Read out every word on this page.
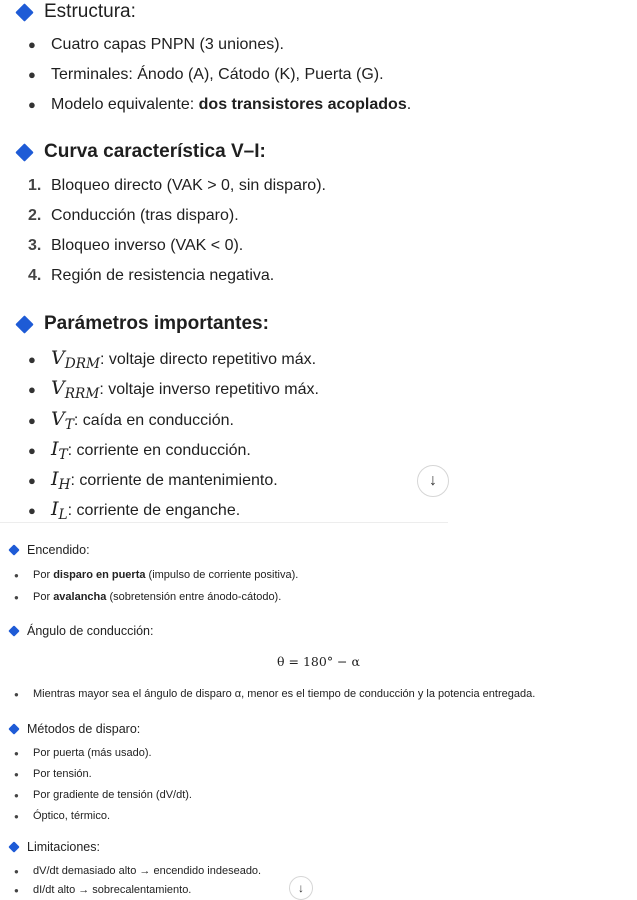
Estructura:
● Cuatro capas PNPN (3 uniones).
● Terminales: Ánodo (A), Cátodo (K), Puerta (G).
● Modelo equivalente: dos transistores acoplados.
Curva característica V–I:
1. Bloqueo directo (VAK > 0, sin disparo).
2. Conducción (tras disparo).
3. Bloqueo inverso (VAK < 0).
4. Región de resistencia negativa.
Parámetros importantes:
● $V_{DRM}$ : voltaje directo repetitivo máx.
● $V_{RRM}$ : voltaje inverso repetitivo máx.
● $V_T$ : caída en conducción.
● $I_T$ : corriente en conducción.
● $I_H$ : corriente de mantenimiento.
● $I_L$ : corriente de enganche.
↓
Encendido:
●	Por disparo en puerta (impulso de corriente positiva).
●	Por avalancha (sobretensión entre ánodo-cátodo).
Ángulo de conducción:
θ = 180° − α
●	Mientras mayor sea el ángulo de disparo α, menor es el tiempo de conducción y la potencia entregada.
Métodos de disparo:
●	Por puerta (más usado).
●	Por tensión.
●	Por gradiente de tensión (dV/dt).
●	Óptico, térmico.
Limitaciones:
●	dV/dt demasiado alto → encendido indeseado.
●	dI/dt alto → sobrecalentamiento.	↓
